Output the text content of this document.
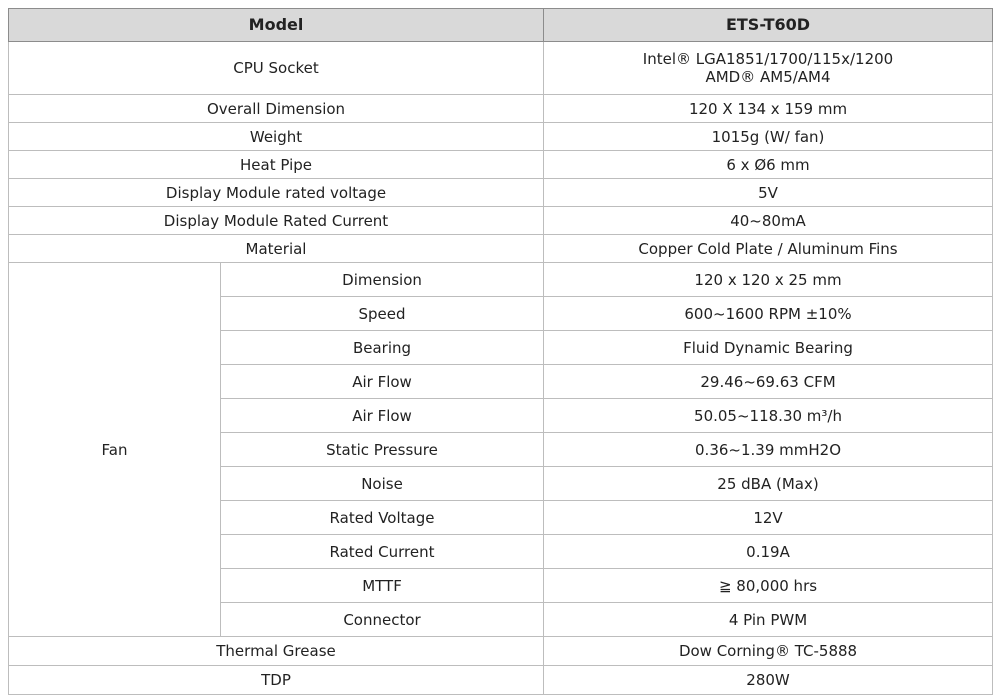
Model		ETS-T60D
CPU Socket		Intel® LGA1851/1700/115x/1200
AMD® AM5/AM4

Overall Dimension		120 X 134 x 159 mm
Weight		1015g (W/ fan)
Heat Pipe		6 x Ø6 mm
Display Module rated voltage		5V
Display Module Rated Current		40~80mA
Material		Copper Cold Plate / Aluminum Fins
Fan	Dimension	120 x 120 x 25 mm
	Speed	600~1600 RPM ±10%
	Bearing	Fluid Dynamic Bearing
	Air Flow	29.46~69.63 CFM
	Air Flow	50.05~118.30 m³/h
	Static Pressure	0.36~1.39 mmH2O
	Noise	25 dBA (Max)
	Rated Voltage	12V
	Rated Current	0.19A
	MTTF	≧ 80,000 hrs
	Connector	4 Pin PWM
Thermal Grease		Dow Corning® TC-5888
TDP		280W
